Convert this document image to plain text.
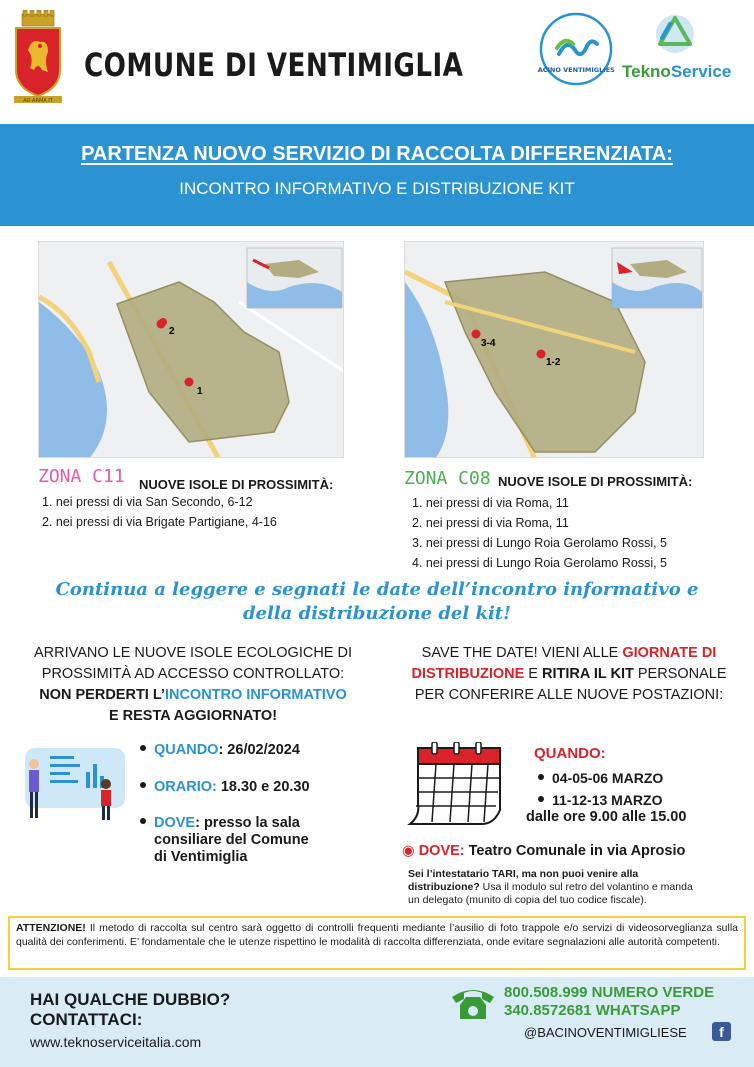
AD ARMA IT
COMUNE DI VENTIMIGLIA	BACINO VENTIMIGLIESE TeknoService
PARTENZA NUOVO SERVIZIO DI RACCOLTA DIFFERENZIATA:
INCONTRO INFORMATIVO E DISTRIBUZIONE KIT
2
1
3-4
1-2
ZONA C11 NUOVE ISOLE DI PROSSIMITÀ:
1. nei pressi di via San Secondo, 6-12
2. nei pressi di via Brigate Partigiane, 4-16
ZONA C08 NUOVE ISOLE DI PROSSIMITÀ:
1. nei pressi di via Roma, 11
2. nei pressi di via Roma, 11
3. nei pressi di Lungo Roia Gerolamo Rossi, 5
4. nei pressi di Lungo Roia Gerolamo Rossi, 5
Continua a leggere e segnati le date dell’incontro informativo e
della distribuzione del kit!
ARRIVANO LE NUOVE ISOLE ECOLOGICHE DI
PROSSIMITÀ AD ACCESSO CONTROLLATO:
NON PERDERTI L’INCONTRO INFORMATIVO
E RESTA AGGIORNATO!
QUANDO: 26/02/2024
ORARIO: 18.30 e 20.30
DOVE: presso la sala
consiliare del Comune
di Ventimiglia
SAVE THE DATE! VIENI ALLE GIORNATE DI
DISTRIBUZIONE E RITIRA IL KIT PERSONALE
PER CONFERIRE ALLE NUOVE POSTAZIONI:
QUANDO:
04-05-06 MARZO
11-12-13 MARZO
dalle ore 9.00 alle 15.00
◉ DOVE: Teatro Comunale in via Aprosio
Sei l’intestatario TARI, ma non puoi venire alla
distribuzione? Usa il modulo sul retro del volantino e manda
un delegato (munito di copia del tuo codice fiscale).
ATTENZIONE! Il metodo di raccolta sul centro sarà oggetto di controlli frequenti mediante l’ausilio di foto trappole e/o servizi di videosorveglianza sulla qualità dei conferimenti. E’ fondamentale che le utenze rispettino le modalità di raccolta differenziata, onde evitare segnalazioni alle autorità competenti.
HAI QUALCHE DUBBIO?
CONTATTACI:
www.teknoserviceitalia.com
800.508.999 NUMERO VERDE
340.8572681 WHATSAPP
@BACINOVENTIMIGLIESE	f
